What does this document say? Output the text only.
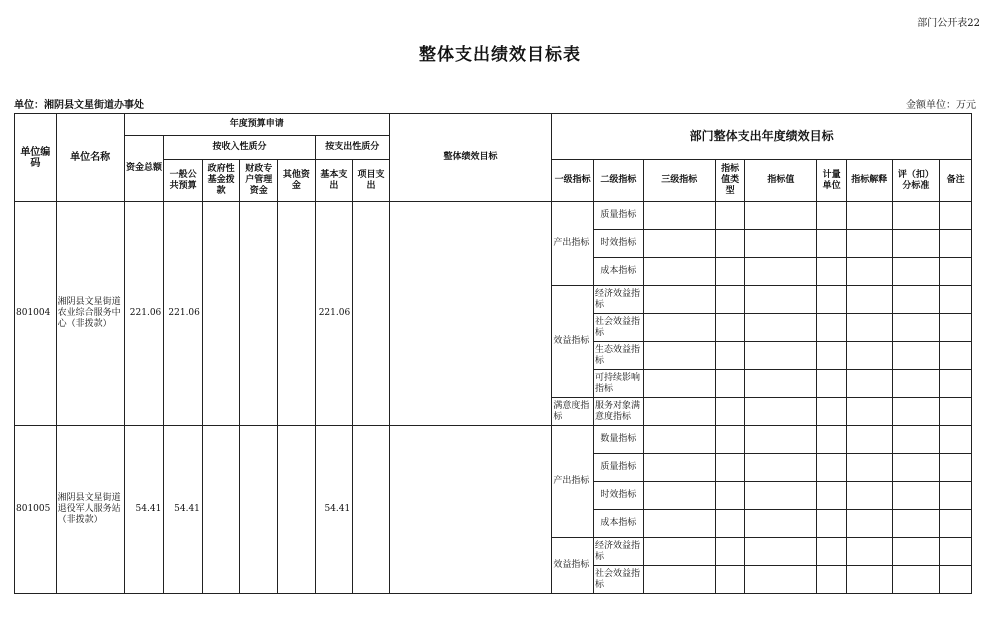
部门公开表22
整体支出绩效目标表
单位：湘阴县文星街道办事处	金额单位：万元
单位编码	单位名称	年度预算申请							整体绩效目标	部门整体支出年度绩效目标								
		资金总额	按收入性质分				按支出性质分											
			一般公共预算	政府性基金拨款	财政专户管理资金	其他资金	基本支出	项目支出		一级指标	二级指标	三级指标	指标值类型	指标值	计量单位	指标解释	评（扣）分标准	备注

801004	湘阴县文星街道农业综合服务中心（非拨款）	221.06	221.06				221.06			产出指标	质量指标							
											时效指标							
											成本指标							
										效益指标	经济效益指标							
											社会效益指标							
											生态效益指标							
											可持续影响指标							
										满意度指标	服务对象满意度指标							
801005	湘阴县文星街道退役军人服务站（非拨款）	54.41	54.41				54.41			产出指标	数量指标							
											质量指标							
											时效指标							
											成本指标							
										效益指标	经济效益指标							
											社会效益指标							
